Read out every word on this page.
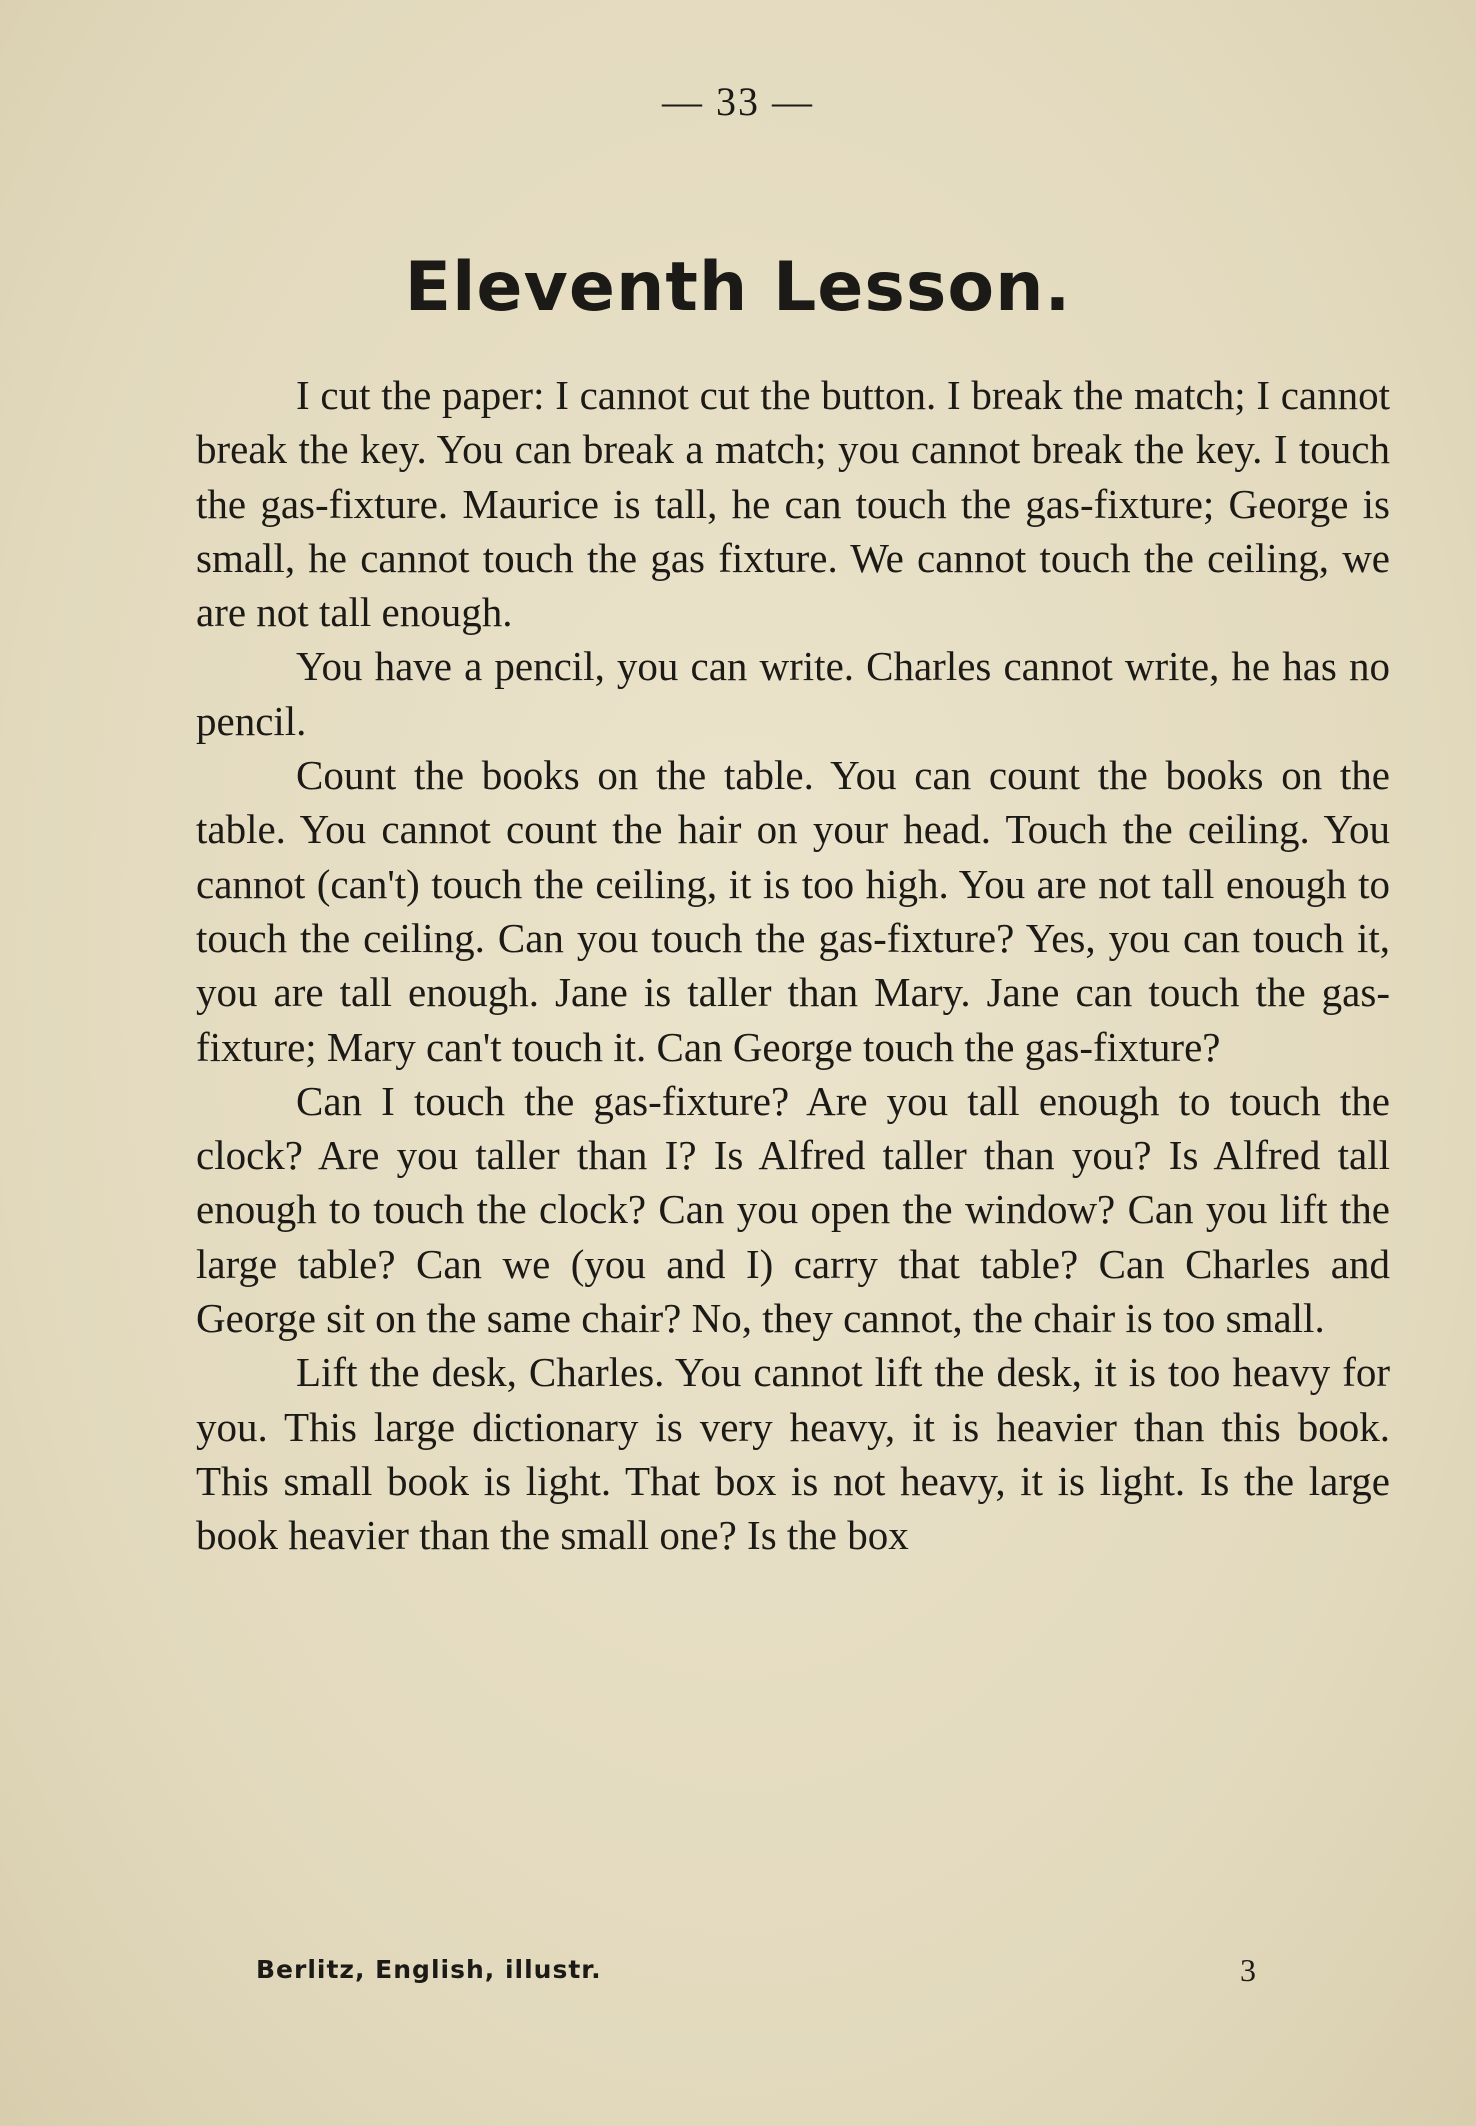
— 33 —
Eleventh Lesson.

I cut the paper: I cannot cut the button. I break the match; I cannot break the key. You can break a match; you cannot break the key. I touch the gas-fixture. Maurice is tall, he can touch the gas-fixture; George is small, he cannot touch the gas fixture. We cannot touch the ceiling, we are not tall enough.

You have a pencil, you can write. Charles cannot write, he has no pencil.

Count the books on the table. You can count the books on the table. You cannot count the hair on your head. Touch the ceiling. You cannot (can't) touch the ceiling, it is too high. You are not tall enough to touch the ceiling. Can you touch the gas-fixture? Yes, you can touch it, you are tall enough. Jane is taller than Mary. Jane can touch the gas-fixture; Mary can't touch it. Can George touch the gas-fixture?

Can I touch the gas-fixture? Are you tall enough to touch the clock? Are you taller than I? Is Alfred taller than you? Is Alfred tall enough to touch the clock? Can you open the window? Can you lift the large table? Can we (you and I) carry that table? Can Charles and George sit on the same chair? No, they cannot, the chair is too small.

Lift the desk, Charles. You cannot lift the desk, it is too heavy for you. This large dictionary is very heavy, it is heavier than this book. This small book is light. That box is not heavy, it is light. Is the large book heavier than the small one? Is the box

Berlitz, English, illustr.	3
